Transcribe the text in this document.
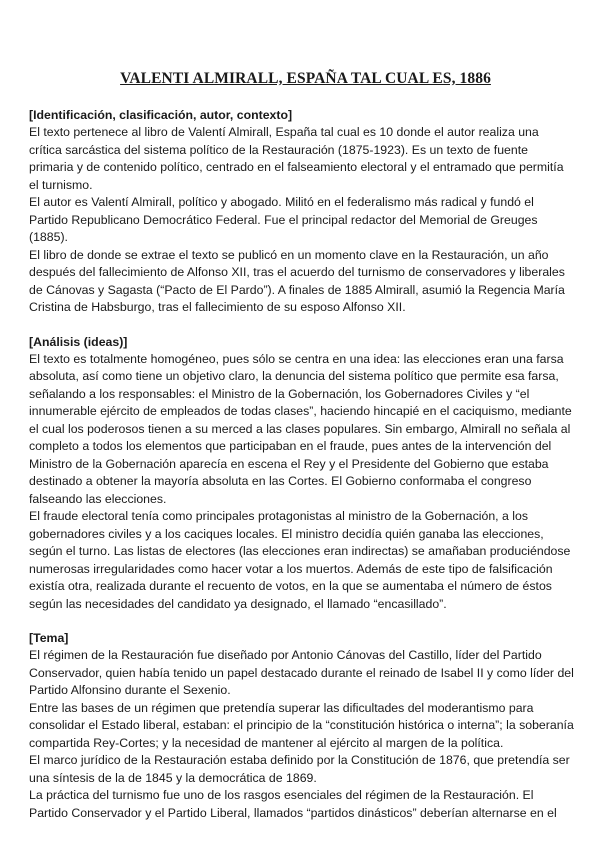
VALENTI ALMIRALL, ESPAÑA TAL CUAL ES, 1886
[Identificación, clasificación, autor, contexto]

El texto pertenece al libro de Valentí Almirall, España tal cual es 10 donde el autor realiza una crítica sarcástica del sistema político de la Restauración (1875-1923). Es un texto de fuente primaria y de contenido político, centrado en el falseamiento electoral y el entramado que permitía el turnismo.

El autor es Valentí Almirall, político y abogado. Militó en el federalismo más radical y fundó el Partido Republicano Democrático Federal. Fue el principal redactor del Memorial de Greuges (1885).

El libro de donde se extrae el texto se publicó en un momento clave en la Restauración, un año después del fallecimiento de Alfonso XII, tras el acuerdo del turnismo de conservadores y liberales de Cánovas y Sagasta (“Pacto de El Pardo”). A finales de 1885 Almirall, asumió la Regencia María Cristina de Habsburgo, tras el fallecimiento de su esposo Alfonso XII.

[Análisis (ideas)]

El texto es totalmente homogéneo, pues sólo se centra en una idea: las elecciones eran una farsa absoluta, así como tiene un objetivo claro, la denuncia del sistema político que permite esa farsa, señalando a los responsables: el Ministro de la Gobernación, los Gobernadores Civiles y “el innumerable ejército de empleados de todas clases”, haciendo hincapié en el caciquismo, mediante el cual los poderosos tienen a su merced a las clases populares. Sin embargo, Almirall no señala al completo a todos los elementos que participaban en el fraude, pues antes de la intervención del Ministro de la Gobernación aparecía en escena el Rey y el Presidente del Gobierno que estaba destinado a obtener la mayoría absoluta en las Cortes. El Gobierno conformaba el congreso falseando las elecciones.

El fraude electoral tenía como principales protagonistas al ministro de la Gobernación, a los gobernadores civiles y a los caciques locales. El ministro decidía quién ganaba las elecciones, según el turno. Las listas de electores (las elecciones eran indirectas) se amañaban produciéndose numerosas irregularidades como hacer votar a los muertos. Además de este tipo de falsificación existía otra, realizada durante el recuento de votos, en la que se aumentaba el número de éstos según las necesidades del candidato ya designado, el llamado “encasillado”.

[Tema]

El régimen de la Restauración fue diseñado por Antonio Cánovas del Castillo, líder del Partido Conservador, quien había tenido un papel destacado durante el reinado de Isabel II y como líder del Partido Alfonsino durante el Sexenio.

Entre las bases de un régimen que pretendía superar las dificultades del moderantismo para consolidar el Estado liberal, estaban: el principio de la “constitución histórica o interna”; la soberanía compartida Rey-Cortes; y la necesidad de mantener al ejército al margen de la política.

El marco jurídico de la Restauración estaba definido por la Constitución de 1876, que pretendía ser una síntesis de la de 1845 y la democrática de 1869.

La práctica del turnismo fue uno de los rasgos esenciales del régimen de la Restauración. El Partido Conservador y el Partido Liberal, llamados “partidos dinásticos” deberían alternarse en el
